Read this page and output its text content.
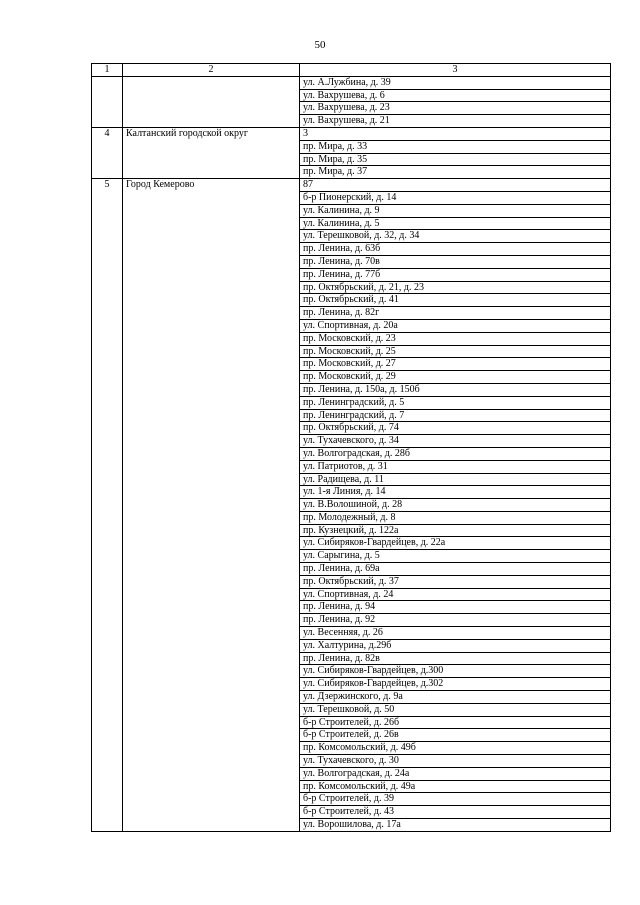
50
1	2	3
		ул. А.Лужбина, д. 39
		ул. Вахрушева, д. 6
		ул. Вахрушева, д. 23
		ул. Вахрушева, д. 21
4	Калтанский городской округ	3
		пр. Мира, д. 33
		пр. Мира, д. 35
		пр. Мира, д. 37
5	Город Кемерово	87
		б-р Пионерский, д. 14
		ул. Калинина, д. 9
		ул. Калинина, д. 5
		ул. Терешковой, д. 32, д. 34
		пр. Ленина, д. 63б
		пр. Ленина, д. 70в
		пр. Ленина, д. 77б
		пр. Октябрьский, д. 21, д. 23
		пр. Октябрьский, д. 41
		пр. Ленина, д. 82г
		ул. Спортивная, д. 20а
		пр. Московский, д. 23
		пр. Московский, д. 25
		пр. Московский, д. 27
		пр. Московский, д. 29
		пр. Ленина, д. 150а, д. 150б
		пр. Ленинградский, д. 5
		пр. Ленинградский, д. 7
		пр. Октябрьский, д. 74
		ул. Тухачевского, д. 34
		ул. Волгоградская, д. 28б
		ул. Патриотов, д. 31
		ул. Радищева, д. 11
		ул. 1-я Линия, д. 14
		ул. В.Волошиной, д. 28
		пр. Молодежный, д. 8
		пр. Кузнецкий, д. 122а
		ул. Сибиряков-Гвардейцев, д. 22а
		ул. Сарыгина, д. 5
		пр. Ленина, д. 69а
		пр. Октябрьский, д. 37
		ул. Спортивная, д. 24
		пр. Ленина, д. 94
		пр. Ленина, д. 92
		ул. Весенняя, д. 26
		ул. Халтурина, д.29б
		пр. Ленина, д. 82в
		ул. Сибиряков-Гвардейцев, д.300
		ул. Сибиряков-Гвардейцев, д.302
		ул. Дзержинского, д. 9а
		ул. Терешковой, д. 50
		б-р Строителей, д. 26б
		б-р Строителей, д. 26в
		пр. Комсомольский, д. 49б
		ул. Тухачевского, д. 30
		ул. Волгоградская, д. 24а
		пр. Комсомольский, д. 49а
		б-р Строителей, д. 39
		б-р Строителей, д. 43
		ул. Ворошилова, д. 17а
